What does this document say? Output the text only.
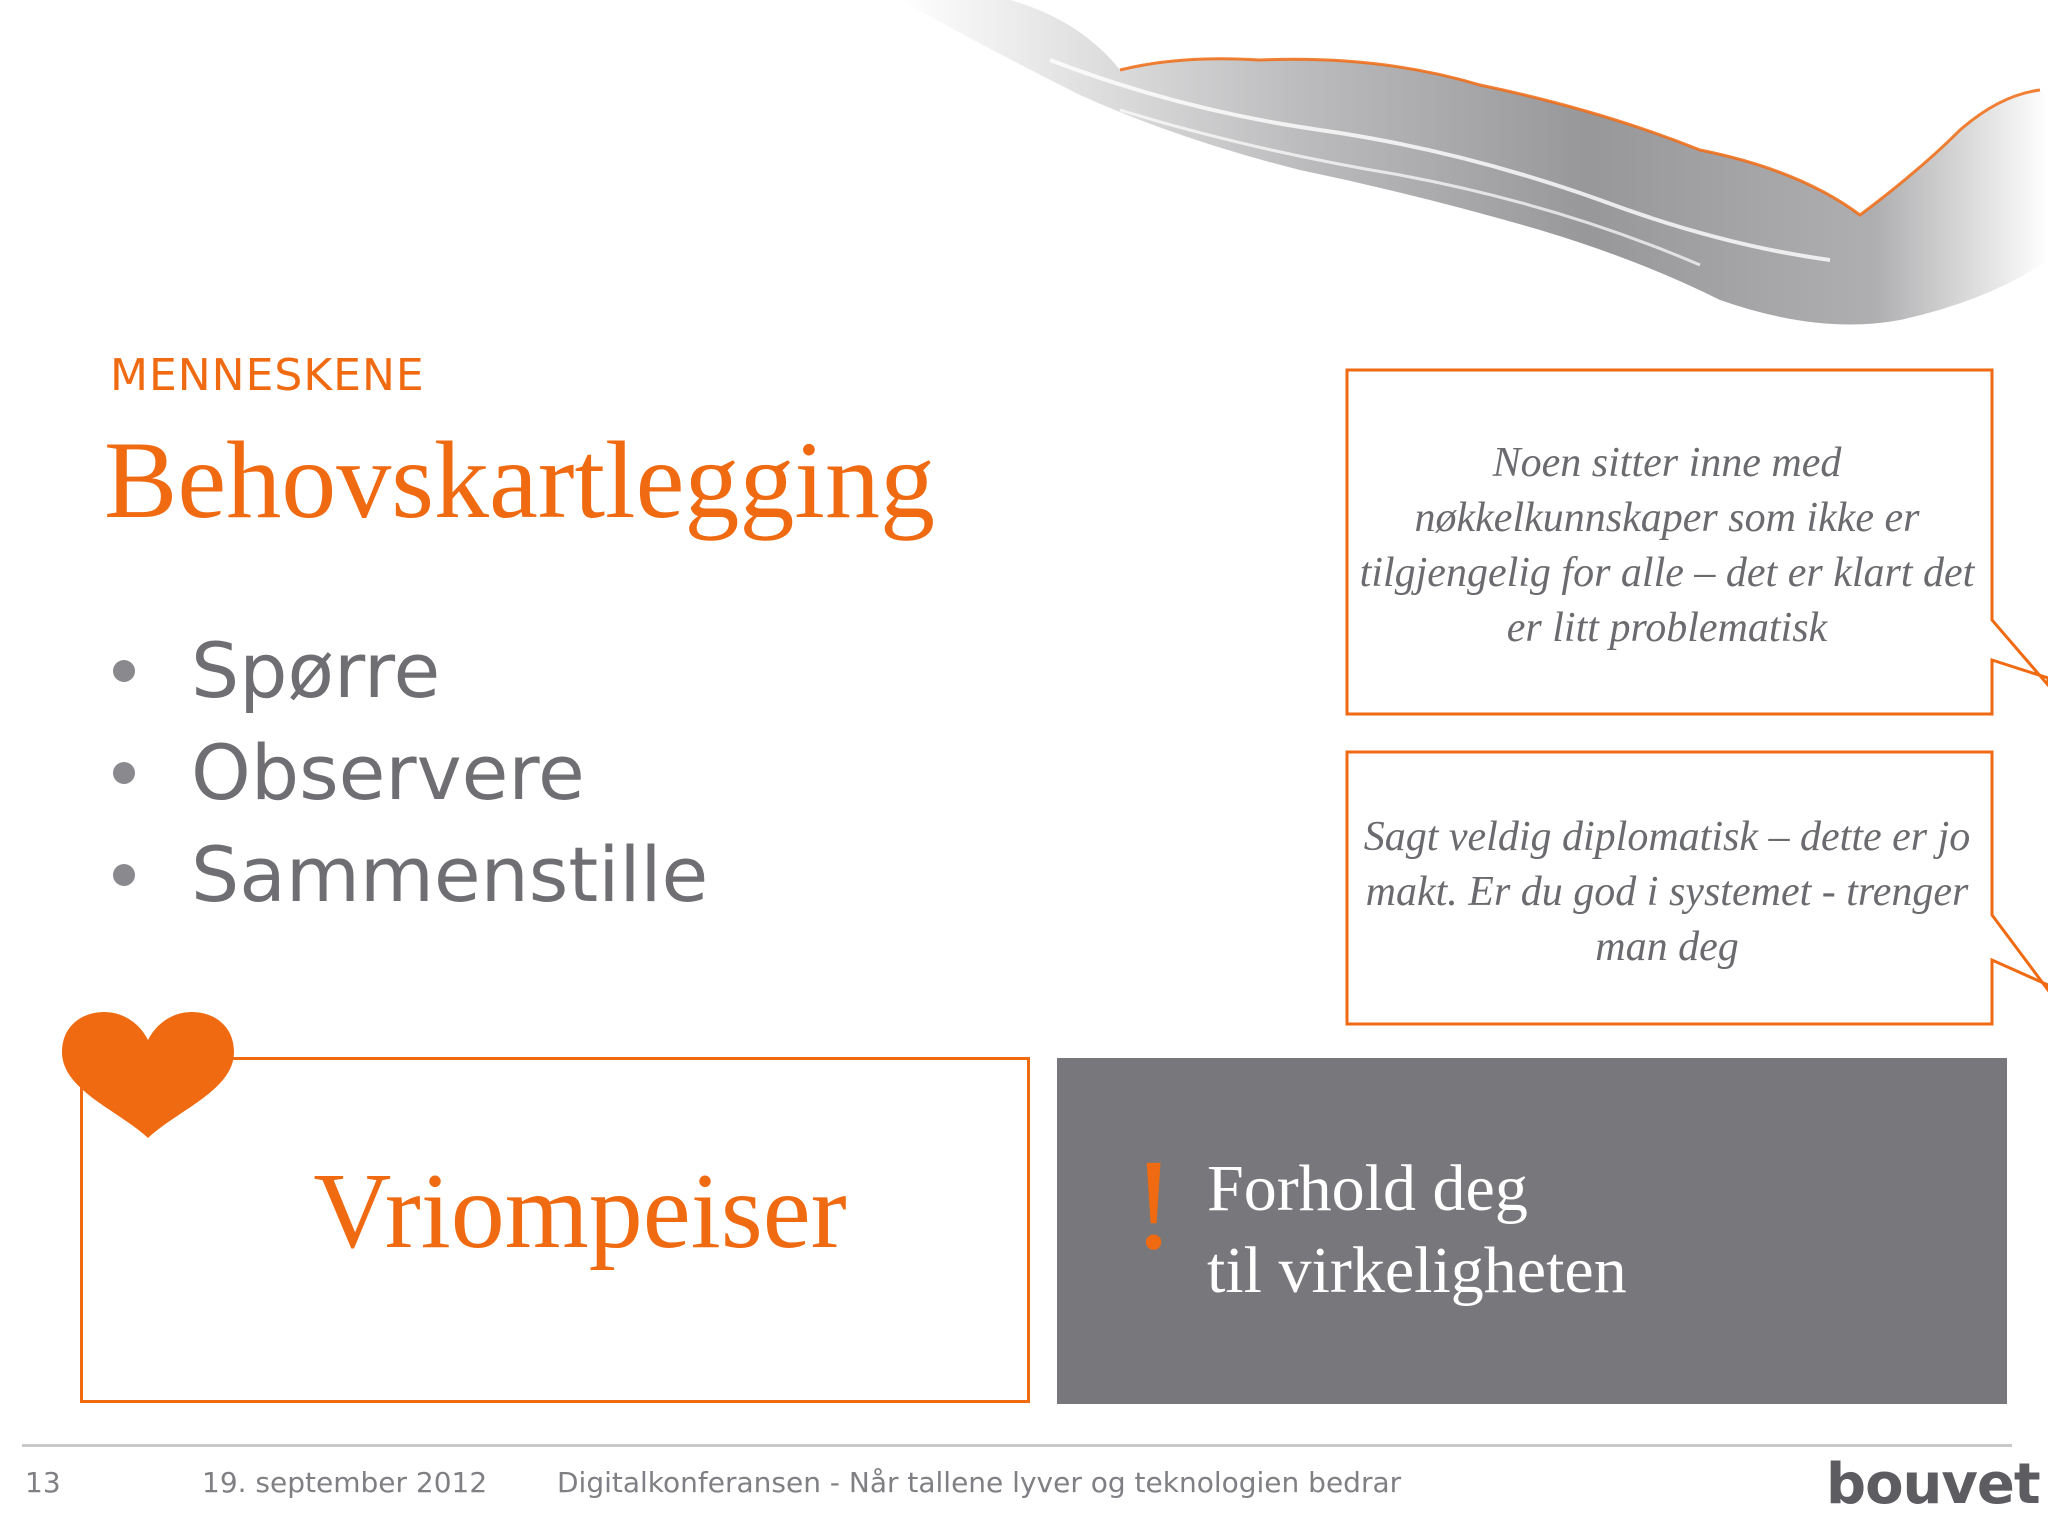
MENNESKENE
Behovskartlegging
Spørre
Observere
Sammenstille
Noen sitter inne med nøkkelkunnskaper som ikke er tilgjengelig for alle – det er klart det er litt problematisk
Sagt veldig diplomatisk – dette er jo makt. Er du god i systemet - trenger man deg
Vriompeiser	! Forhold deg
til virkeligheten
13	19. september 2012 Digitalkonferansen - Når tallene lyver og teknologien bedrar	bouvet
